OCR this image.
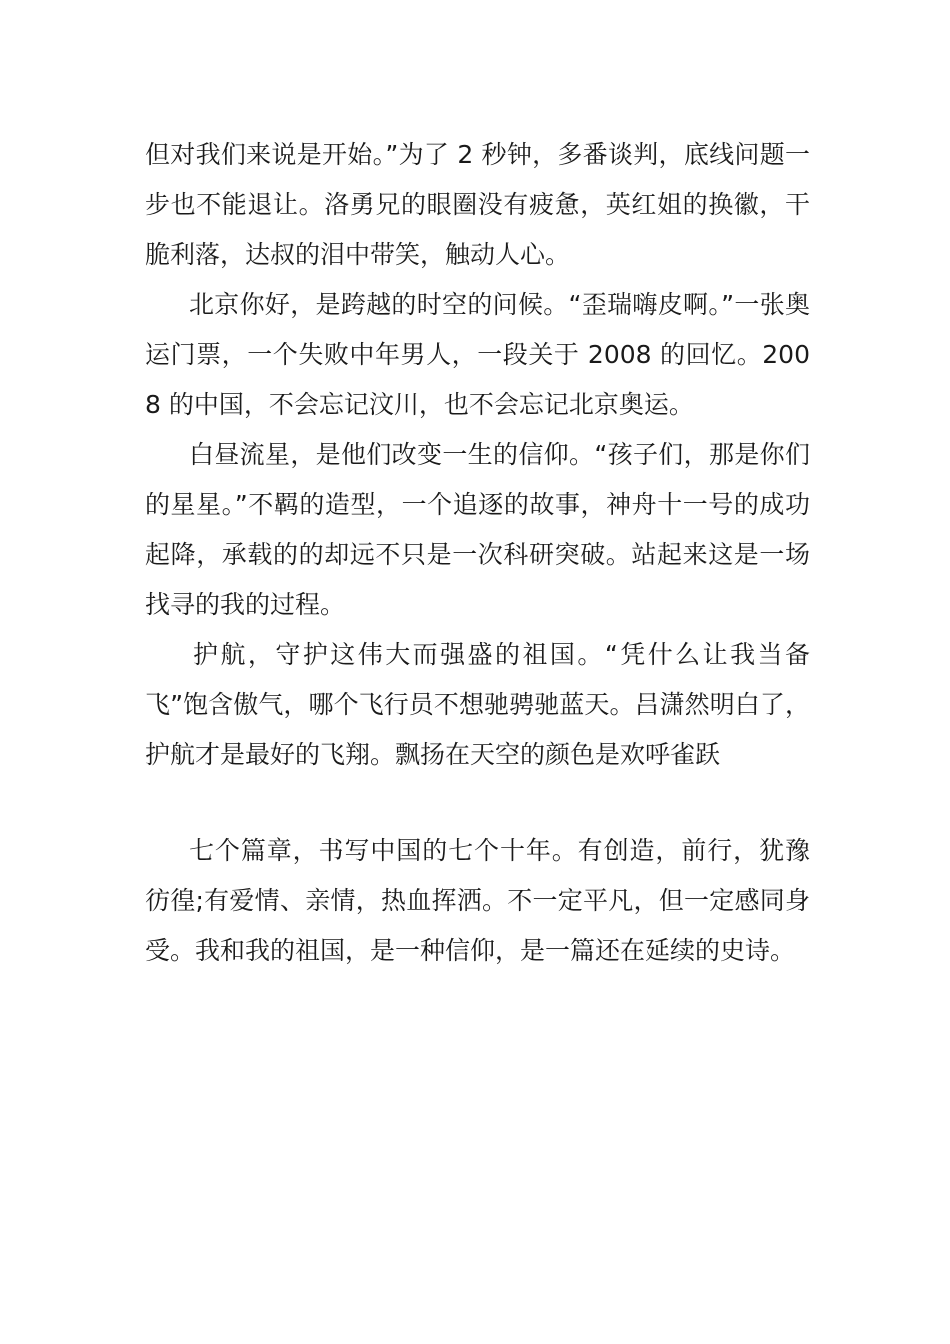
但对我们来说是开始。”为了 2 秒钟，多番谈判，底线问题一步也不能退让。洛勇兄的眼圈没有疲惫，英红姐的换徽，干脆利落，达叔的泪中带笑，触动人心。

北京你好，是跨越的时空的问候。“歪瑞嗨皮啊。”一张奥运门票，一个失败中年男人，一段关于 2008 的回忆。2008 的中国，不会忘记汶川，也不会忘记北京奥运。

白昼流星，是他们改变一生的信仰。“孩子们，那是你们的星星。”不羁的造型，一个追逐的故事，神舟十一号的成功起降，承载的的却远不只是一次科研突破。站起来这是一场找寻的我的过程。

护航，守护这伟大而强盛的祖国。“凭什么让我当备飞”饱含傲气，哪个飞行员不想驰骋驰蓝天。吕潇然明白了，护航才是最好的飞翔。飘扬在天空的颜色是欢呼雀跃

七个篇章，书写中国的七个十年。有创造，前行，犹豫彷徨;有爱情、亲情，热血挥洒。不一定平凡，但一定感同身受。我和我的祖国，是一种信仰，是一篇还在延续的史诗。
